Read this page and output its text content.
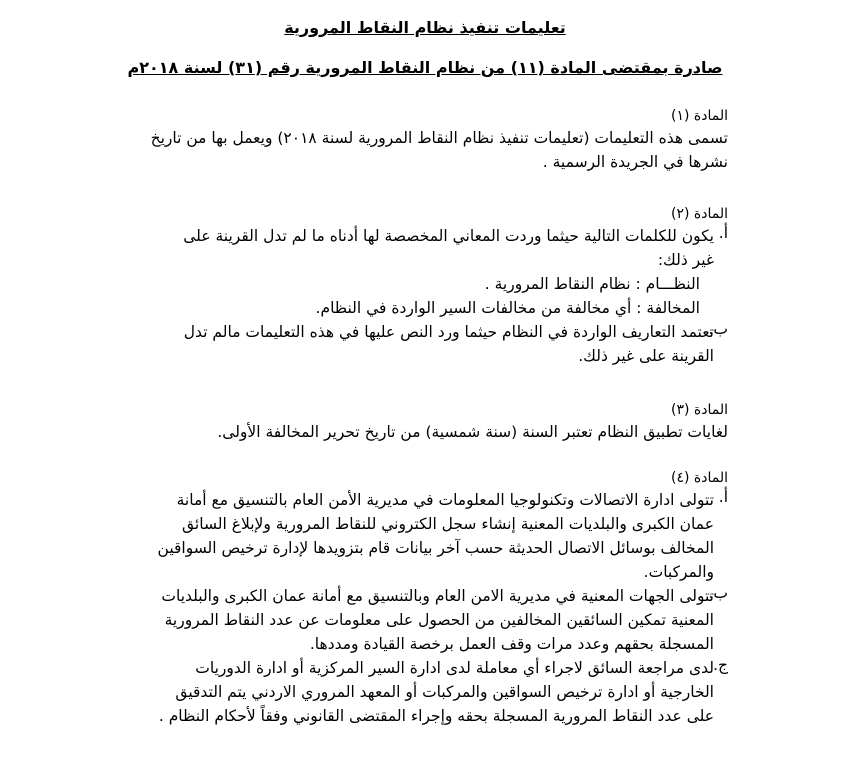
تعليمات تنفيذ نظام النقاط المرورية

صادرة بمقتضى المادة (١١) من نظام النقاط المرورية رقم (٣١) لسنة ٢٠١٨م

المادة (١)

تسمى هذه التعليمات (تعليمات تنفيذ نظام النقاط المرورية لسنة ٢٠١٨) ويعمل بها من تاريخ

نشرها في الجريدة الرسمية .

المادة (٢)

أ.

يكون للكلمات التالية حيثما وردت المعاني المخصصة لها أدناه ما لم تدل القرينة على

غير ذلك:

النظـــام : نظام النقاط المرورية .

المخالفة : أي مخالفة من مخالفات السير الواردة في النظام.

ب.

تعتمد التعاريف الواردة في النظام حيثما ورد النص عليها في هذه التعليمات مالم تدل

القرينة على غير ذلك.

المادة (٣)

لغايات تطبيق النظام تعتبر السنة (سنة شمسية) من تاريخ تحرير المخالفة الأولى.

المادة (٤)

أ.

تتولى ادارة الاتصالات وتكنولوجيا المعلومات في مديرية الأمن العام بالتنسيق مع أمانة

عمان الكبرى والبلديات المعنية إنشاء سجل الكتروني للنقاط المرورية ولإبلاغ السائق

المخالف بوسائل الاتصال الحديثة حسب آخر بيانات قام بتزويدها لإدارة ترخيص السواقين

والمركبات.

ب.

تتولى الجهات المعنية في مديرية الامن العام وبالتنسيق مع أمانة عمان الكبرى والبلديات

المعنية تمكين السائقين المخالفين من الحصول على معلومات عن عدد النقاط المرورية

المسجلة بحقهم وعدد مرات وقف العمل برخصة القيادة ومددها.

ج.

لدى مراجعة السائق لاجراء أي معاملة لدى ادارة السير المركزية أو ادارة الدوريات

الخارجية أو ادارة ترخيص السواقين والمركبات أو المعهد المروري الاردني يتم التدقيق

على عدد النقاط المرورية المسجلة بحقه وإجراء المقتضى القانوني وفقاً لأحكام النظام .
